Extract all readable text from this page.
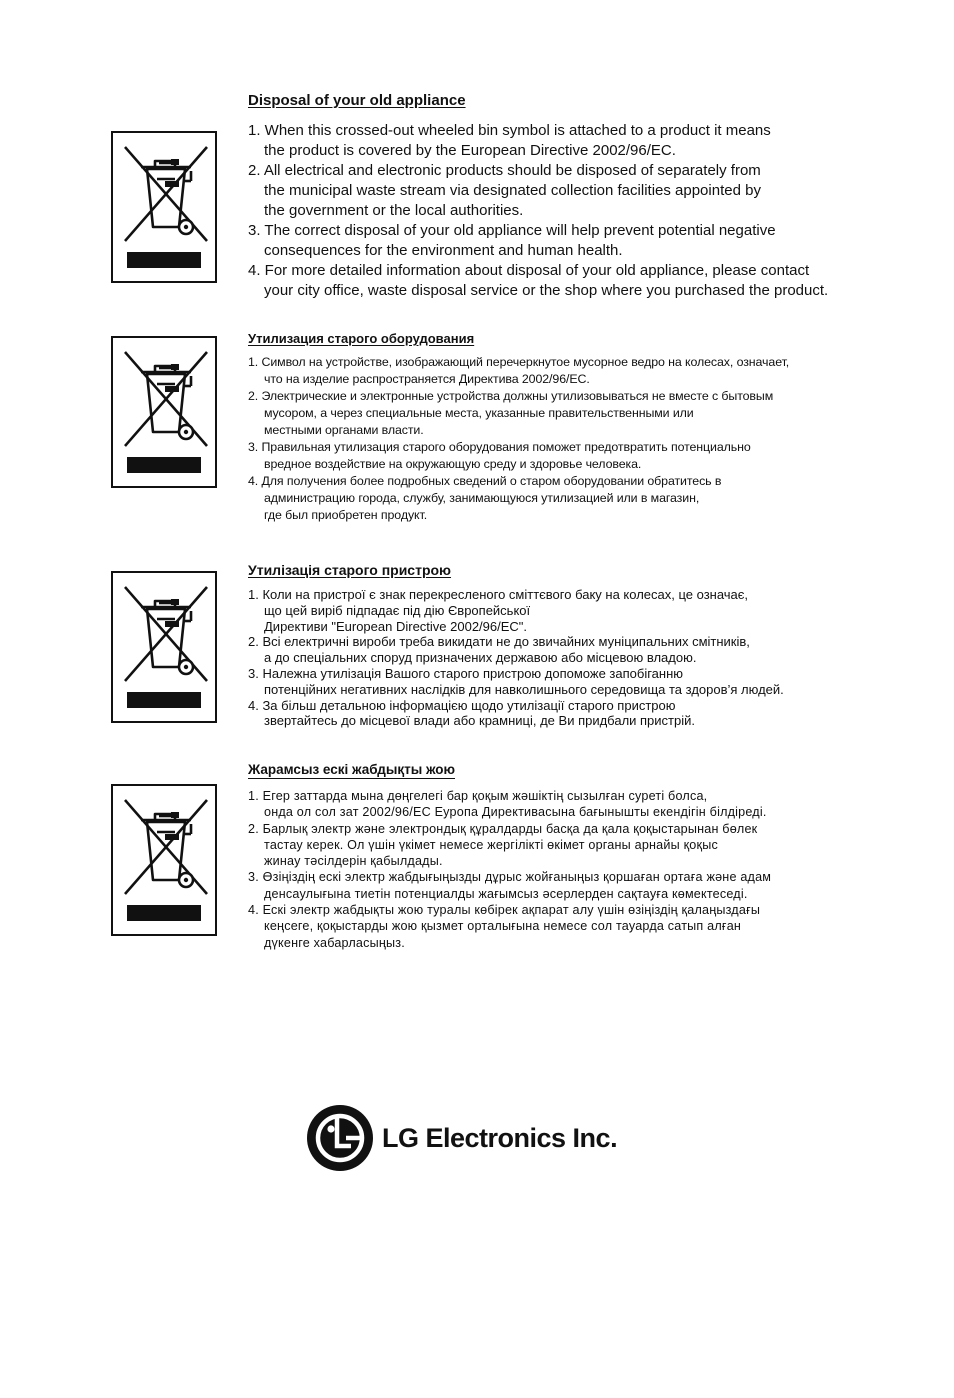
Disposal of your old appliance
1. When this crossed-out wheeled bin symbol is attached to a product it means
the product is covered by the European Directive 2002/96/EC.
2. All electrical and electronic products should be disposed of separately from
the municipal waste stream via designated collection facilities appointed by
the government or the local authorities.
3. The correct disposal of your old appliance will help prevent potential negative
consequences for the environment and human health.
4. For more detailed information about disposal of your old appliance, please contact
your city office, waste disposal service or the shop where you purchased the product.
Утилизация старого оборудования
1. Символ на устройстве, изображающий перечеркнутое мусорное ведро на колесах, означает,
что на изделие распространяется Директива 2002/96/EC.
2. Электрические и электронные устройства должны утилизовываться не вместе с бытовым
мусором, а через специальные места, указанные правительственными или
местными органами власти.
3. Правильная утилизация старого оборудования поможет предотвратить потенциально
вредное воздействие на окружающую среду и здоровье человека.
4. Для получения более подробных сведений о старом оборудовании обратитесь в
администрацию города, службу, занимающуюся утилизацией или в магазин,
где был приобретен продукт.
Утилізація старого пристрою
1. Коли на пристрої є знак перекресленого сміттєвого баку на колесах, це означає,
що цей виріб підпадає під дію Європейської
Директиви "European Directive 2002/96/EC".
2. Всі електричні вироби треба викидати не до звичайних муніципальних смітників,
а до спеціальних споруд призначених державою або місцевою владою.
3. Належна утилізація Вашого старого пристрою допоможе запобіганню
потенційних негативних наслідків для навколишнього середовища та здоров’я людей.
4. За більш детальною інформацією щодо утилізації старого пристрою
звертайтесь до місцевої влади або крамниці, де Ви придбали пристрій.
Жарамсыз ескі жабдықты жою
1. Егер заттарда мына дөңгелегі бар қоқым жәшіктің сызылған суреті болса,
онда ол сол зат 2002/96/EC Еуропа Директивасына бағынышты екендігін білдіреді.
2. Барлық электр және электрондық құралдарды басқа да қала қоқыстарынан бөлек
тастау керек. Ол үшін үкімет немесе жергілікті өкімет органы арнайы қоқыс
жинау тәсілдерін қабылдады.
3. Өзіңіздің ескі электр жабдығыңызды дұрыс жойғаныңыз қоршаған ортаға және адам
денсаулығына тиетін потенциалды жағымсыз әсерлерден сақтауға көмектеседі.
4. Ескі электр жабдықты жою туралы көбірек ақпарат алу үшін өзіңіздің қалаңыздағы
кеңсеге, қоқыстарды жою қызмет орталығына немесе сол тауарда сатып алған
дүкенге хабарласыңыз.
LG Electronics Inc.
